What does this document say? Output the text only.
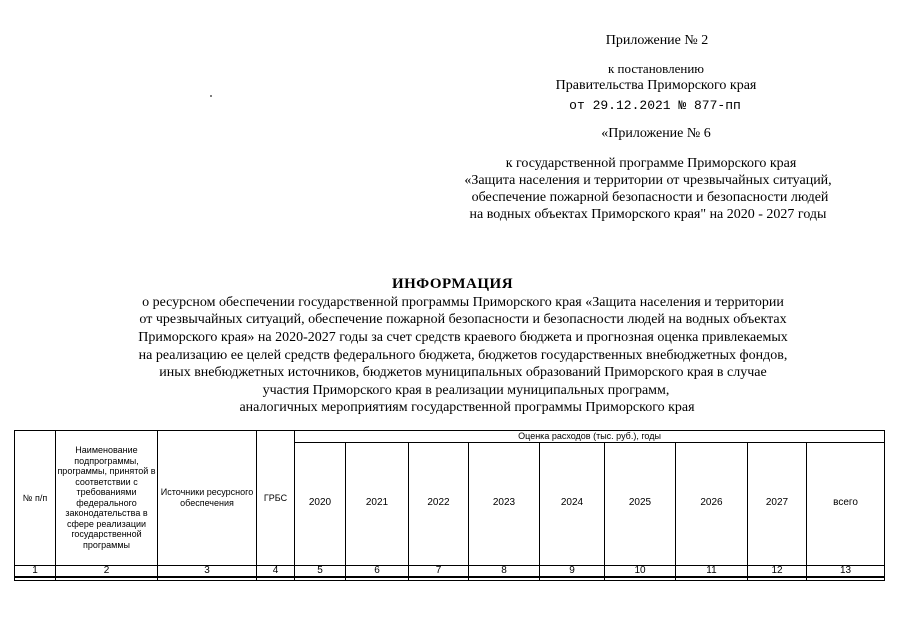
Приложение № 2
к постановлению
Правительства Приморского края
от 29.12.2021 № 877-пп
«Приложение № 6
к государственной программе Приморского края
«Защита населения и территории от чрезвычайных ситуаций,
обеспечение пожарной безопасности и безопасности людей
на водных объектах Приморского края" на 2020 - 2027 годы
ИНФОРМАЦИЯ
о ресурсном обеспечении государственной программы Приморского края «Защита населения и территории
от чрезвычайных ситуаций, обеспечение пожарной безопасности и безопасности людей на водных объектах
Приморского края» на 2020-2027 годы за счет средств краевого бюджета и прогнозная оценка привлекаемых
на реализацию ее целей средств федерального бюджета, бюджетов государственных внебюджетных фондов,
иных внебюджетных источников, бюджетов муниципальных образований Приморского края в случае
участия Приморского края в реализации муниципальных программ,
аналогичных мероприятиям государственной программы Приморского края
№ п/п	Наименование подпрограммы, программы, принятой в соответствии с требованиями федерального законодательства в сфере реализации государственной программы	Источники ресурсного обеспечения	ГРБС	Оценка расходов (тыс. руб.), годы								
				2020	2021	2022	2023	2024	2025	2026	2027	всего
1	2	3	4	5	6	7	8	9	10	11	12	13
